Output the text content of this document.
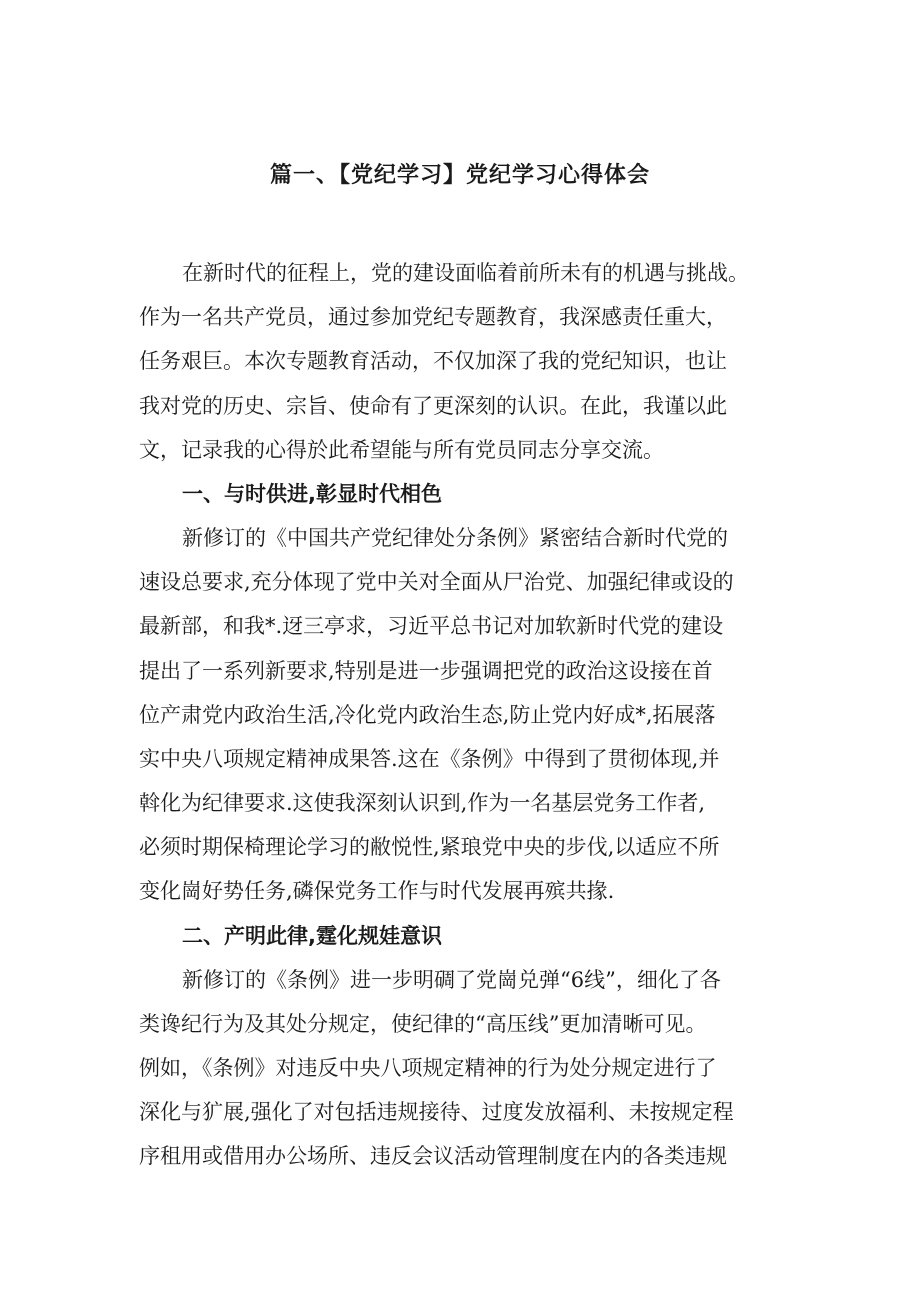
篇一、【党纪学习】党纪学习心得体会

在新时代的征程上，党的建设面临着前所未有的机遇与挑战。

作为一名共产党员，通过参加党纪专题教育，我深感责任重大，

任务艰巨。本次专题教育活动，不仅加深了我的党纪知识，也让

我对党的历史、宗旨、使命有了更深刻的认识。在此，我谨以此

文，记录我的心得於此希望能与所有党员同志分享交流。

一、与时供进,彰显时代相色

新修订的《中国共产党纪律处分条例》紧密结合新时代党的

速设总要求,充分体现了党中关对全面从尸治党、加强纪律或设的

最新部，和我*.迓三亭求，习近平总书记对加软新时代党的建设

提出了一系列新要求,特别是进一步强调把党的政治这设接在首

位产肃党内政治生活,冷化党内政治生态,防止党内好成*,拓展落

实中央八项规定精神成果答.这在《条例》中得到了贯彻体现,并

斡化为纪律要求.这使我深刻认识到,作为一名基层党务工作者,

必须时期保椅理论学习的敝悦性,紧琅党中央的步伐,以适应不所

变化崗好势任务,磷保党务工作与时代发展再殡共掾.

二、产明此律,霆化规娃意识

新修订的《条例》进一步明碉了党崗兑弹“6线”，细化了各

类谗纪行为及其处分规定，使纪律的“高压线”更加清晰可见。

例如，《条例》对违反中央八项规定精神的行为处分规定进行了

深化与犷展,强化了对包括违规接待、过度发放福利、未按规定程

序租用或借用办公场所、违反会议活动管理制度在内的各类违规
